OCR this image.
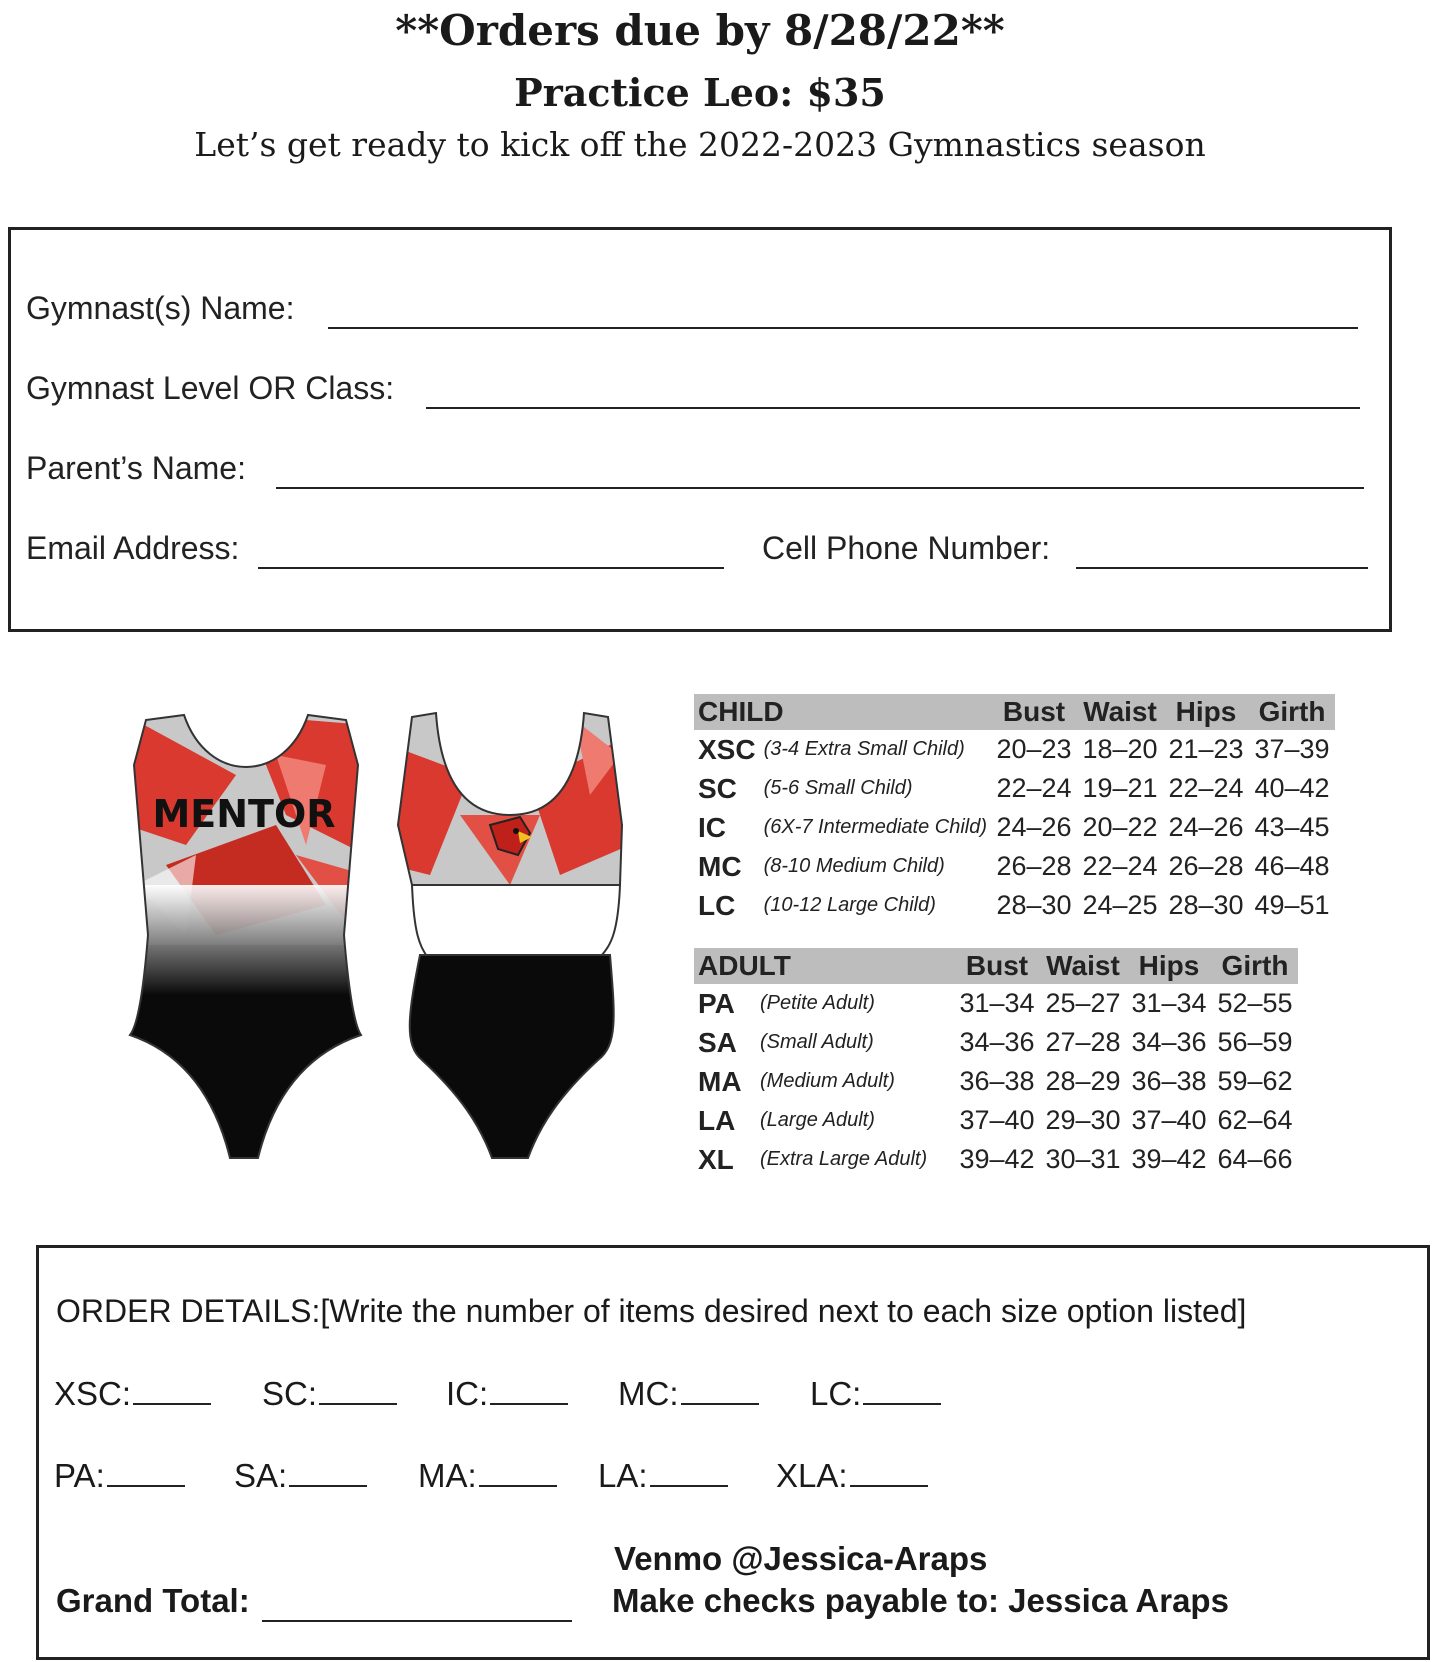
**Orders due by 8/28/22**
Practice Leo: $35
Let’s get ready to kick off the 2022-2023 Gymnastics season
Gymnast(s) Name:
Gymnast Level OR Class:
Parent’s Name:
Email Address:	Cell Phone Number:
MENTOR
CHILD		Bust	Waist	Hips	Girth
XSC	(3-4 Extra Small Child)	20–23	18–20	21–23	37–39
SC	(5-6 Small Child)	22–24	19–21	22–24	40–42
IC	(6X-7 Intermediate Child)	24–26	20–22	24–26	43–45
MC	(8-10 Medium Child)	26–28	22–24	26–28	46–48
LC	(10-12 Large Child)	28–30	24–25	28–30	49–51
ADULT		Bust	Waist	Hips	Girth
PA	(Petite Adult)	31–34	25–27	31–34	52–55
SA	(Small Adult)	34–36	27–28	34–36	56–59
MA	(Medium Adult)	36–38	28–29	36–38	59–62
LA	(Large Adult)	37–40	29–30	37–40	62–64
XL	(Extra Large Adult)	39–42	30–31	39–42	64–66
ORDER DETAILS:[Write the number of items desired next to each size option listed]
XSC:	SC:	IC:	MC:	LC:
PA:	SA:	MA:	LA:	XLA:
Venmo @Jessica-Araps
Grand Total:	Make checks payable to: Jessica Araps
